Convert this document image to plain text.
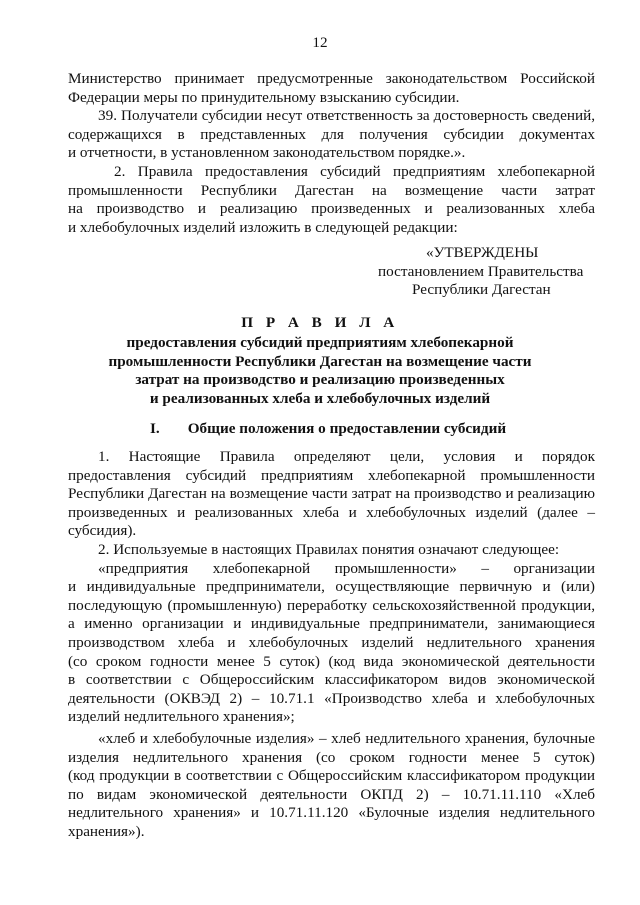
12

Министерство принимает предусмотренные законодательством Российской

Федерации меры по принудительному взысканию субсидии.

39. Получатели субсидии несут ответственность за достоверность сведений,

содержащихся в представленных для получения субсидии документах

и отчетности, в установленном законодательством порядке.».

2. Правила предоставления субсидий предприятиям хлебопекарной

промышленности Республики Дагестан на возмещение части затрат

на производство и реализацию произведенных и реализованных хлеба

и хлебобулочных изделий изложить в следующей редакции:

«УТВЕРЖДЕНЫ
постановлением Правительства
Республики Дагестан
П Р А В И Л А
предоставления субсидий предприятиям хлебопекарной
промышленности Республики Дагестан на возмещение части
затрат на производство и реализацию произведенных
и реализованных хлеба и хлебобулочных изделий
I. Общие положения о предоставлении субсидий

1. Настоящие Правила определяют цели, условия и порядок

предоставления субсидий предприятиям хлебопекарной промышленности

Республики Дагестан на возмещение части затрат на производство и реализацию

произведенных и реализованных хлеба и хлебобулочных изделий (далее –

субсидия).

2. Используемые в настоящих Правилах понятия означают следующее:

«предприятия хлебопекарной промышленности» – организации

и индивидуальные предприниматели, осуществляющие первичную и (или)

последующую (промышленную) переработку сельскохозяйственной продукции,

а именно организации и индивидуальные предприниматели, занимающиеся

производством хлеба и хлебобулочных изделий недлительного хранения

(со сроком годности менее 5 суток) (код вида экономической деятельности

в соответствии с Общероссийским классификатором видов экономической

деятельности (ОКВЭД 2) – 10.71.1 «Производство хлеба и хлебобулочных

изделий недлительного хранения»;

«хлеб и хлебобулочные изделия» – хлеб недлительного хранения, булочные

изделия недлительного хранения (со сроком годности менее 5 суток)

(код продукции в соответствии с Общероссийским классификатором продукции

по видам экономической деятельности ОКПД 2) – 10.71.11.110 «Хлеб

недлительного хранения» и 10.71.11.120 «Булочные изделия недлительного

хранения»).
